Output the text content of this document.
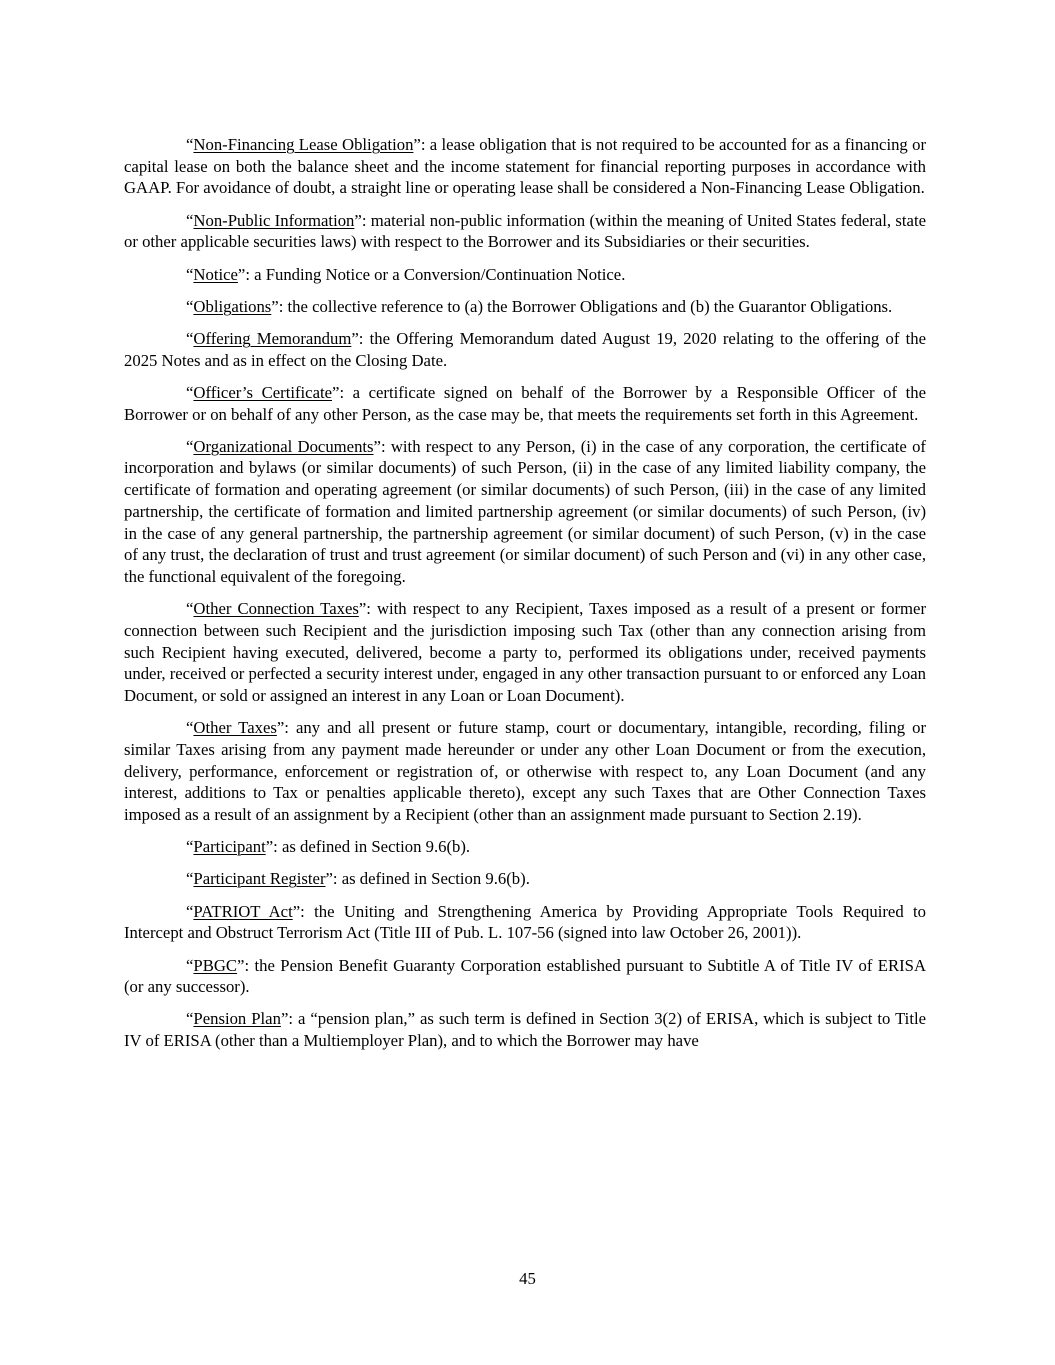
“Non-Financing Lease Obligation”: a lease obligation that is not required to be accounted for as a financing or capital lease on both the balance sheet and the income statement for financial reporting purposes in accordance with GAAP. For avoidance of doubt, a straight line or operating lease shall be considered a Non-Financing Lease Obligation.

“Non-Public Information”: material non-public information (within the meaning of United States federal, state or other applicable securities laws) with respect to the Borrower and its Subsidiaries or their securities.

“Notice”: a Funding Notice or a Conversion/Continuation Notice.

“Obligations”: the collective reference to (a) the Borrower Obligations and (b) the Guarantor Obligations.

“Offering Memorandum”: the Offering Memorandum dated August 19, 2020 relating to the offering of the 2025 Notes and as in effect on the Closing Date.

“Officer’s Certificate”: a certificate signed on behalf of the Borrower by a Responsible Officer of the Borrower or on behalf of any other Person, as the case may be, that meets the requirements set forth in this Agreement.

“Organizational Documents”: with respect to any Person, (i) in the case of any corporation, the certificate of incorporation and bylaws (or similar documents) of such Person, (ii) in the case of any limited liability company, the certificate of formation and operating agreement (or similar documents) of such Person, (iii) in the case of any limited partnership, the certificate of formation and limited partnership agreement (or similar documents) of such Person, (iv) in the case of any general partnership, the partnership agreement (or similar document) of such Person, (v) in the case of any trust, the declaration of trust and trust agreement (or similar document) of such Person and (vi) in any other case, the functional equivalent of the foregoing.

“Other Connection Taxes”: with respect to any Recipient, Taxes imposed as a result of a present or former connection between such Recipient and the jurisdiction imposing such Tax (other than any connection arising from such Recipient having executed, delivered, become a party to, performed its obligations under, received payments under, received or perfected a security interest under, engaged in any other transaction pursuant to or enforced any Loan Document, or sold or assigned an interest in any Loan or Loan Document).

“Other Taxes”: any and all present or future stamp, court or documentary, intangible, recording, filing or similar Taxes arising from any payment made hereunder or under any other Loan Document or from the execution, delivery, performance, enforcement or registration of, or otherwise with respect to, any Loan Document (and any interest, additions to Tax or penalties applicable thereto), except any such Taxes that are Other Connection Taxes imposed as a result of an assignment by a Recipient (other than an assignment made pursuant to Section 2.19).

“Participant”: as defined in Section 9.6(b).

“Participant Register”: as defined in Section 9.6(b).

“PATRIOT Act”: the Uniting and Strengthening America by Providing Appropriate Tools Required to Intercept and Obstruct Terrorism Act (Title III of Pub. L. 107-56 (signed into law October 26, 2001)).

“PBGC”: the Pension Benefit Guaranty Corporation established pursuant to Subtitle A of Title IV of ERISA (or any successor).

“Pension Plan”: a “pension plan,” as such term is defined in Section 3(2) of ERISA, which is subject to Title IV of ERISA (other than a Multiemployer Plan), and to which the Borrower may have

45
